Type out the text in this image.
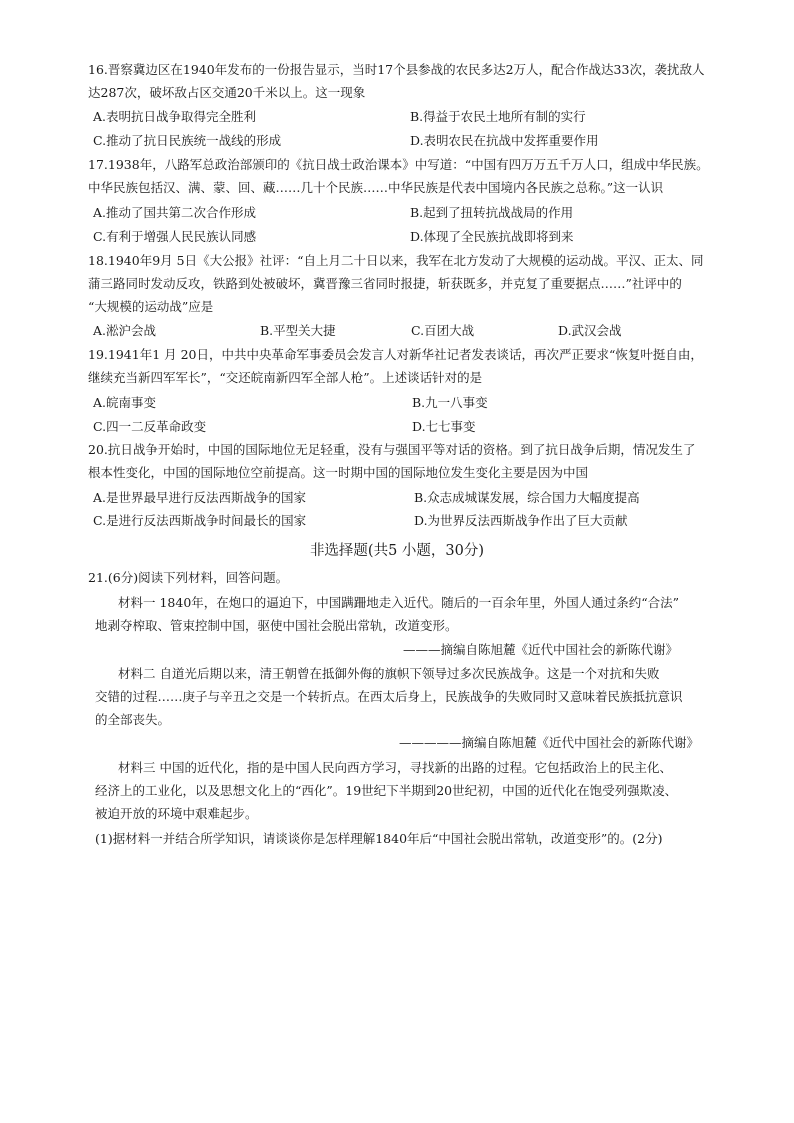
16.晋察冀边区在1940年发布的一份报告显示，当时17个县参战的农民多达2万人，配合作战达33次，袭扰敌人
达287次，破坏敌占区交通20千米以上。这一现象
A.表明抗日战争取得完全胜利	B.得益于农民土地所有制的实行
C.推动了抗日民族统一战线的形成	D.表明农民在抗战中发挥重要作用
17.1938年，八路军总政治部颁印的《抗日战士政治课本》中写道：“中国有四万万五千万人口，组成中华民族。
中华民族包括汉、满、蒙、回、藏……几十个民族……中华民族是代表中国境内各民族之总称。”这一认识
A.推动了国共第二次合作形成	B.起到了扭转抗战战局的作用
C.有利于增强人民民族认同感	D.体现了全民族抗战即将到来
18.1940年9月 5日《大公报》社评：“自上月二十日以来，我军在北方发动了大规模的运动战。平汉、正太、同
蒲三路同时发动反攻，铁路到处被破坏，冀晋豫三省同时报捷，斩获既多，并克复了重要据点……”社评中的
“大规模的运动战”应是
A.淞沪会战	B.平型关大捷	C.百团大战	D.武汉会战
19.1941年1 月 20日，中共中央革命军事委员会发言人对新华社记者发表谈话，再次严正要求“恢复叶挺自由，
继续充当新四军军长”，“交还皖南新四军全部人枪”。上述谈话针对的是
A.皖南事变	B.九一八事变
C.四一二反革命政变	D.七七事变
20.抗日战争开始时，中国的国际地位无足轻重，没有与强国平等对话的资格。到了抗日战争后期，情况发生了
根本性变化，中国的国际地位空前提高。这一时期中国的国际地位发生变化主要是因为中国
A.是世界最早进行反法西斯战争的国家	B.众志成城谋发展，综合国力大幅度提高
C.是进行反法西斯战争时间最长的国家	D.为世界反法西斯战争作出了巨大贡献
非选择题(共5 小题，30分)
21.(6分)阅读下列材料，回答问题。
材料一 1840年，在炮口的逼迫下，中国蹒跚地走入近代。随后的一百余年里，外国人通过条约“合法”
地剥夺榨取、管束控制中国，驱使中国社会脱出常轨，改道变形。
———摘编自陈旭麓《近代中国社会的新陈代谢》
材料二 自道光后期以来，清王朝曾在抵御外侮的旗帜下领导过多次民族战争。这是一个对抗和失败
交错的过程……庚子与辛丑之交是一个转折点。在西太后身上，民族战争的失败同时又意味着民族抵抗意识
的全部丧失。
—————摘编自陈旭麓《近代中国社会的新陈代谢》
材料三 中国的近代化，指的是中国人民向西方学习，寻找新的出路的过程。它包括政治上的民主化、
经济上的工业化，以及思想文化上的“西化”。19世纪下半期到20世纪初，中国的近代化在饱受列强欺凌、
被迫开放的环境中艰难起步。
(1)据材料一并结合所学知识，请谈谈你是怎样理解1840年后“中国社会脱出常轨，改道变形”的。(2分)
